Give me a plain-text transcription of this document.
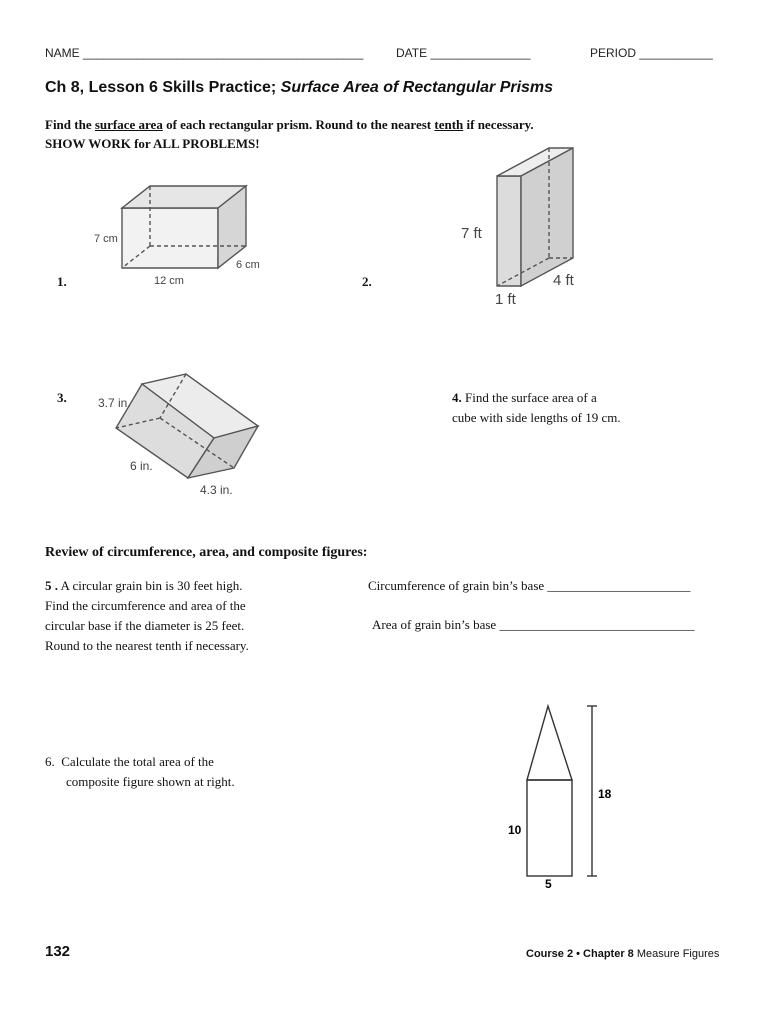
NAME __________________________________________	DATE _______________	PERIOD ___________
Ch 8, Lesson 6 Skills Practice; Surface Area of Rectangular Prisms
Find the surface area of each rectangular prism. Round to the nearest tenth if necessary.
SHOW WORK for ALL PROBLEMS!
1.
7 cm
12 cm
6 cm
2.
7 ft
4 ft
1 ft
3.	3.7 in.
6 in.
4.3 in.
4. Find the surface area of a
cube with side lengths of 19 cm.
Review of circumference, area, and composite figures:
5 . A circular grain bin is 30 feet high.
Find the circumference and area of the
circular base if the diameter is 25 feet.
Round to the nearest tenth if necessary.
Circumference of grain bin’s base ______________________
Area of grain bin’s base ______________________________
6. Calculate the total area of the
composite figure shown at right.
18
10
5
132	Course 2 • Chapter 8 Measure Figures
